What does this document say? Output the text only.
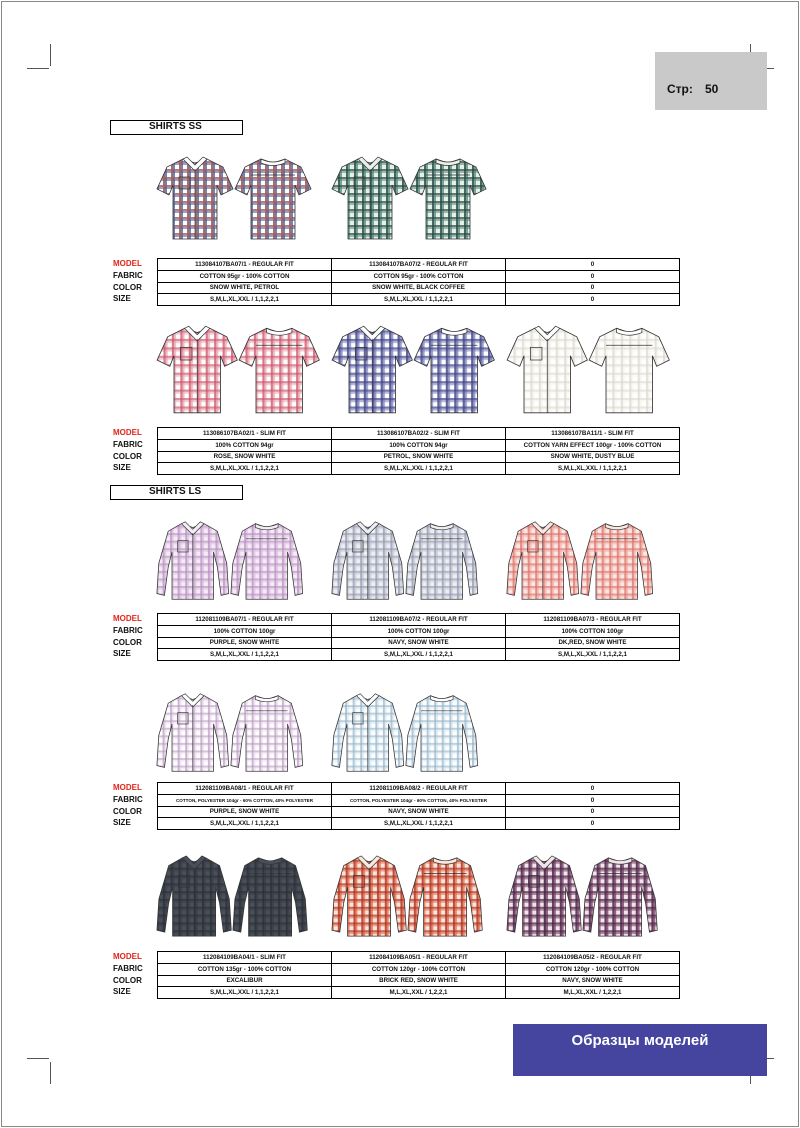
Стр: 50
SHIRTS SS
SHIRTS LS
MODEL
FABRIC
COLOR
SIZE
113084107BA07/1 - REGULAR FIT	113084107BA07/2 - REGULAR FIT	0
COTTON 95gr - 100% COTTON	COTTON 95gr - 100% COTTON	0
SNOW WHITE, PETROL	SNOW WHITE, BLACK COFFEE	0
S,M,L,XL,XXL / 1,1,2,2,1	S,M,L,XL,XXL / 1,1,2,2,1	0
MODEL
FABRIC
COLOR
SIZE
113086107BA02/1 - SLIM FIT	113086107BA02/2 - SLIM FIT	113086107BA11/1 - SLIM FIT
100% COTTON 94gr	100% COTTON 94gr	COTTON YARN EFFECT 100gr - 100% COTTON
ROSE, SNOW WHITE	PETROL, SNOW WHITE	SNOW WHITE, DUSTY BLUE
S,M,L,XL,XXL / 1,1,2,2,1	S,M,L,XL,XXL / 1,1,2,2,1	S,M,L,XL,XXL / 1,1,2,2,1
MODEL
FABRIC
COLOR
SIZE
112081109BA07/1 - REGULAR FIT	112081109BA07/2 - REGULAR FIT	112081109BA07/3 - REGULAR FIT
100% COTTON 100gr	100% COTTON 100gr	100% COTTON 100gr
PURPLE, SNOW WHITE	NAVY, SNOW WHITE	DK,RED, SNOW WHITE
S,M,L,XL,XXL / 1,1,2,2,1	S,M,L,XL,XXL / 1,1,2,2,1	S,M,L,XL,XXL / 1,1,2,2,1
MODEL
FABRIC
COLOR
SIZE
112081109BA08/1 - REGULAR FIT	112081109BA08/2 - REGULAR FIT	0
COTTON, POLYESTER 104gr - 60% COTTON, 40% POLYESTER	COTTON, POLYESTER 104gr - 60% COTTON, 40% POLYESTER	0
PURPLE, SNOW WHITE	NAVY, SNOW WHITE	0
S,M,L,XL,XXL / 1,1,2,2,1	S,M,L,XL,XXL / 1,1,2,2,1	0
MODEL
FABRIC
COLOR
SIZE
112084109BA04/1 - SLIM FIT	112084109BA05/1 - REGULAR FIT	112084109BA05/2 - REGULAR FIT
COTTON 135gr - 100% COTTON	COTTON 120gr - 100% COTTON	COTTON 120gr - 100% COTTON
EXCALIBUR	BRICK RED, SNOW WHITE	NAVY, SNOW WHITE
S,M,L,XL,XXL / 1,1,2,2,1	M,L,XL,XXL / 1,2,2,1	M,L,XL,XXL / 1,2,2,1
Образцы моделей
